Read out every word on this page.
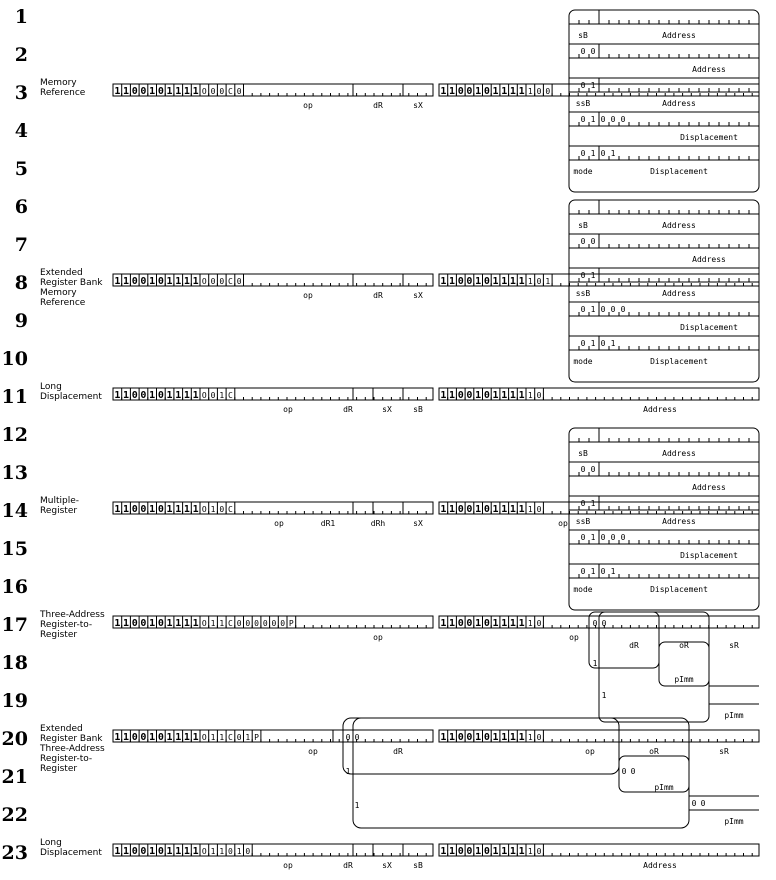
1
2
3 Memory
Reference
4
5
6
7
8 Extended
Register Bank
Memory
Reference
9
10
11 Long
Displacement
12
13
14 Multiple-
Register
15
16
17 Three-Address
Register-to-
Register
18
19
20 Extended
Register Bank
Three-Address
Register-to-
Register
21
22
23 Long
Displacement
1 1 0 0 1 0 1 1 1 1 O 0 0 C 0
op	dR	sX
1 1 0 0 1 0 1 1 1 1 1 0 0
1 1 0 0 1 0 1 1 1 1 O 0 0 C 0
op	dR	sX
1 1 0 0 1 0 1 1 1 1 1 0 1
1 1 0 0 1 0 1 1 1 1 O 0 1 C
op	dR	sX	sB
1 1 0 0 1 0 1 1 1 1 1 0
Address
1 1 0 0 1 0 1 1 1 1 O 1 0 C
op	dR1	dRh	sX
1 1 0 0 1 0 1 1 1 1 1 0
op
1 1 0 0 1 0 1 1 1 1 O 1 1 C 0 0 0 0 0 0 P
op
1 1 0 0 1 0 1 1 1 1 1 0
op
1 1 0 0 1 0 1 1 1 1 O 1 1 C 0 1 P
op
1 1 0 0 1 0 1 1 1 1 1 0
op
1 1 0 0 1 0 1 1 1 1 O 1 1 0 1 0
op	dR	sX	sB
1 1 0 0 1 0 1 1 1 1 1 0
Address
sB	Address
0 0
Address
0 1
ssB	Address
0 1 0 0 0
Displacement
0 1 0 1
mode	Displacement
sB	Address
0 0
Address
0 1
ssB	Address
0 1 0 0 0
Displacement
0 1 0 1
mode	Displacement
sB	Address
0 0
Address
0 1
ssB	Address
0 1 0 0 0
Displacement
0 1 0 1
mode	Displacement
0 0
1
1
dR	oR	sR
pImm
pImm
0 0
1
1
0 0
0 0
dR	oR	sR
pImm
pImm
